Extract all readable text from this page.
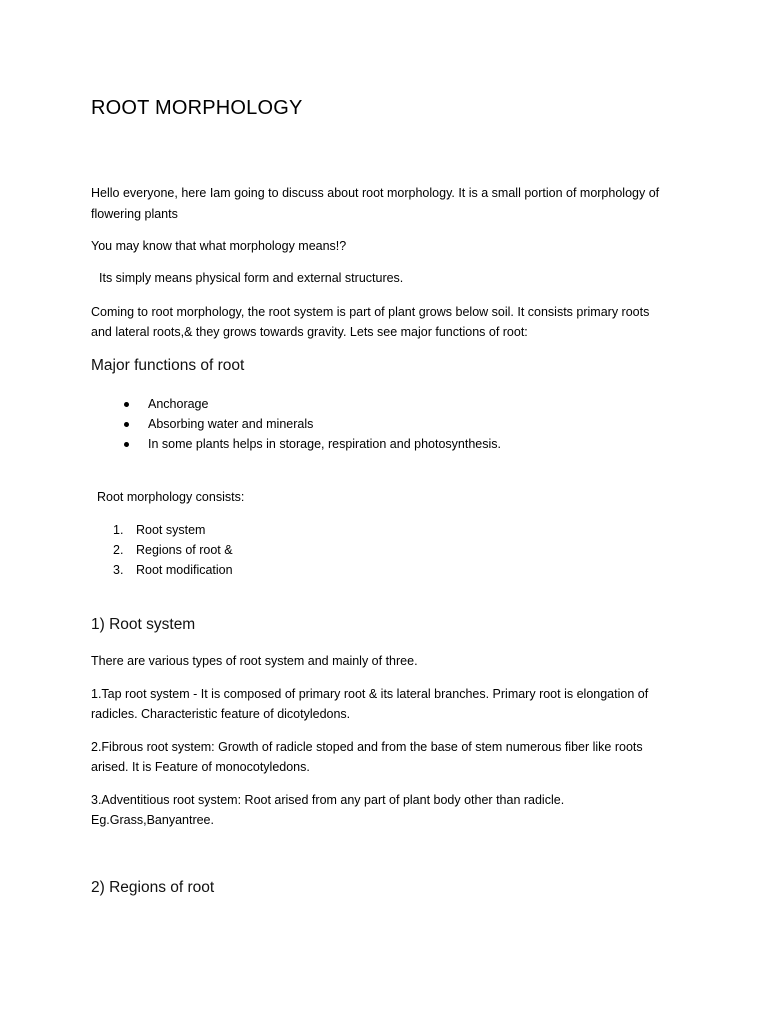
ROOT MORPHOLOGY

Hello everyone, here Iam going to discuss about root morphology. It is a small portion of morphology of

flowering plants

You may know that what morphology means!?

Its simply means physical form and external structures.

Coming to root morphology, the root system is part of plant grows below soil. It consists primary roots

and lateral roots,& they grows towards gravity. Lets see major functions of root:

Major functions of root

Anchorage
Absorbing water and minerals
In some plants helps in storage, respiration and photosynthesis.

Root morphology consists:

1. Root system
2. Regions of root &
3. Root modification

1) Root system

There are various types of root system and mainly of three.

1.Tap root system - It is composed of primary root & its lateral branches. Primary root is elongation of

radicles. Characteristic feature of dicotyledons.

2.Fibrous root system: Growth of radicle stoped and from the base of stem numerous fiber like roots

arised. It is Feature of monocotyledons.

3.Adventitious root system: Root arised from any part of plant body other than radicle.

Eg.Grass,Banyantree.

2) Regions of root
